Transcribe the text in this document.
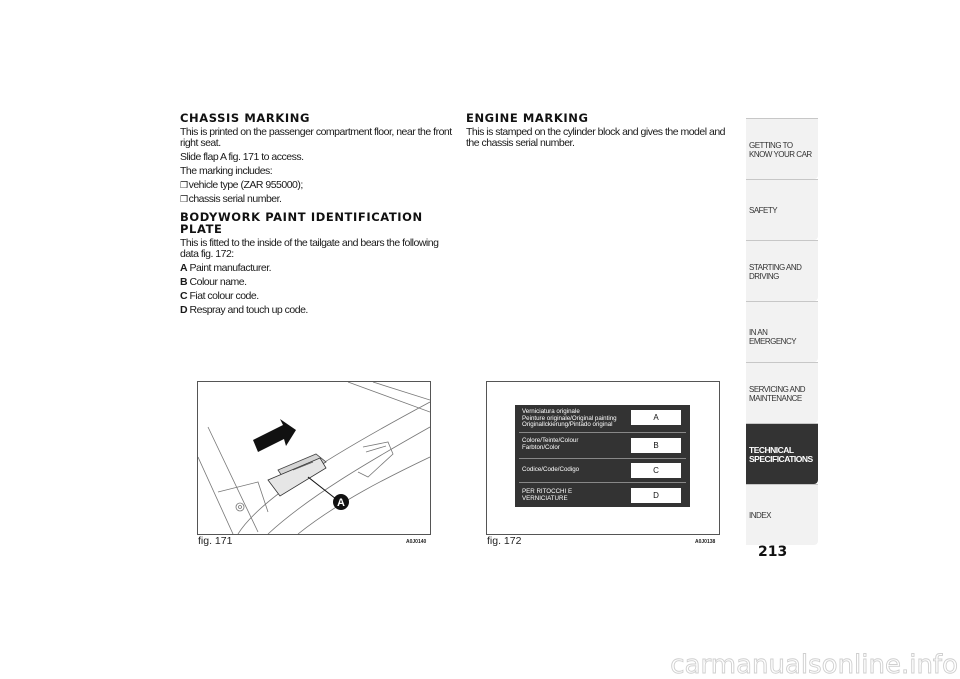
CHASSIS MARKING

This is printed on the passenger compartment floor, near the front right seat.

Slide flap A fig. 171 to access.

The marking includes:

❒vehicle type (ZAR 955000);

❒chassis serial number.

BODYWORK PAINT IDENTIFICATION PLATE

This is fitted to the inside of the tailgate and bears the following data fig. 172:

A Paint manufacturer.

B Colour name.

C Fiat colour code.

D Respray and touch up code.

ENGINE MARKING

This is stamped on the cylinder block and gives the model and the chassis serial number.

A
fig. 171	A0J0140
Verniciatura originale
Peinture originale/Original painting
Originallckierung/Pintado original
A
Colore/Teinte/Colour
Farbton/Color	B
Codice/Code/Codigo	C
PER RITOCCHI E
VERNICIATURE	D
fig. 172	A0J0138
GETTING TO KNOW YOUR CAR
SAFETY
STARTING AND DRIVING
IN AN EMERGENCY
SERVICING AND MAINTENANCE
TECHNICAL SPECIFICATIONS
INDEX
213
carmanualsonline.info
